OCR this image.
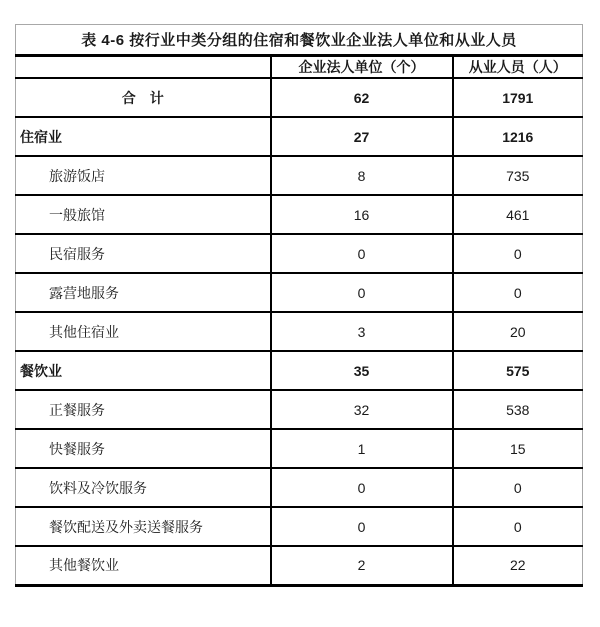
表 4-6 按行业中类分组的住宿和餐饮业企业法人单位和从业人员		
	企业法人单位（个）	从业人员（人）
合　计	62	1791
住宿业	27	1216
旅游饭店	8	735
一般旅馆	16	461
民宿服务	0	0
露营地服务	0	0
其他住宿业	3	20
餐饮业	35	575
正餐服务	32	538
快餐服务	1	15
饮料及冷饮服务	0	0
餐饮配送及外卖送餐服务	0	0
其他餐饮业	2	22
